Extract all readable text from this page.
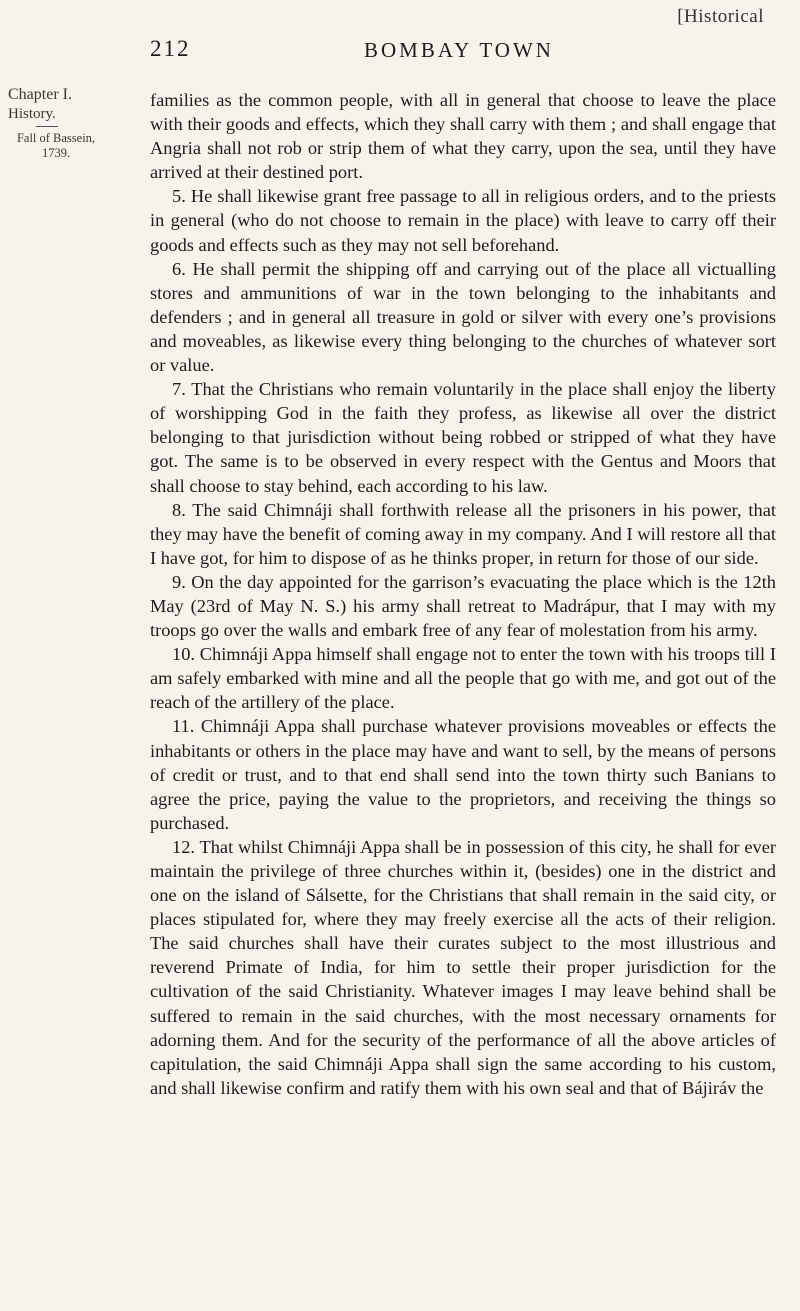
[Historical
212	BOMBAY TOWN
Chapter I.
History.
Fall of Bassein, 1739.

families as the common people, with all in general that choose to leave the place with their goods and effects, which they shall carry with them ; and shall engage that Angria shall not rob or strip them of what they carry, upon the sea, until they have arrived at their destined port.

5. He shall likewise grant free passage to all in religious orders, and to the priests in general (who do not choose to remain in the place) with leave to carry off their goods and effects such as they may not sell beforehand.

6. He shall permit the shipping off and carrying out of the place all victualling stores and ammunitions of war in the town belonging to the inhabitants and defenders ; and in general all treasure in gold or silver with every one’s provisions and moveables, as likewise every thing belonging to the churches of whatever sort or value.

7. That the Christians who remain voluntarily in the place shall enjoy the liberty of worshipping God in the faith they profess, as likewise all over the district belonging to that jurisdiction without being robbed or stripped of what they have got. The same is to be observed in every respect with the Gentus and Moors that shall choose to stay behind, each according to his law.

8. The said Chimnáji shall forthwith release all the prisoners in his power, that they may have the benefit of coming away in my company. And I will restore all that I have got, for him to dispose of as he thinks proper, in return for those of our side.

9. On the day appointed for the garrison’s evacuating the place which is the 12th May (23rd of May N. S.) his army shall retreat to Madrápur, that I may with my troops go over the walls and embark free of any fear of molestation from his army.

10. Chimnáji Appa himself shall engage not to enter the town with his troops till I am safely embarked with mine and all the people that go with me, and got out of the reach of the artillery of the place.

11. Chimnáji Appa shall purchase whatever provisions moveables or effects the inhabitants or others in the place may have and want to sell, by the means of persons of credit or trust, and to that end shall send into the town thirty such Banians to agree the price, paying the value to the proprietors, and receiving the things so purchased.

12. That whilst Chimnáji Appa shall be in possession of this city, he shall for ever maintain the privilege of three churches within it, (besides) one in the district and one on the island of Sálsette, for the Christians that shall remain in the said city, or places stipulated for, where they may freely exercise all the acts of their religion. The said churches shall have their curates subject to the most illustrious and reverend Primate of India, for him to settle their proper jurisdiction for the cultivation of the said Christianity. Whatever images I may leave behind shall be suffered to remain in the said churches, with the most necessary ornaments for adorning them. And for the security of the performance of all the above articles of capitulation, the said Chimnáji Appa shall sign the same according to his custom, and shall likewise confirm and ratify them with his own seal and that of Bájiráv the
